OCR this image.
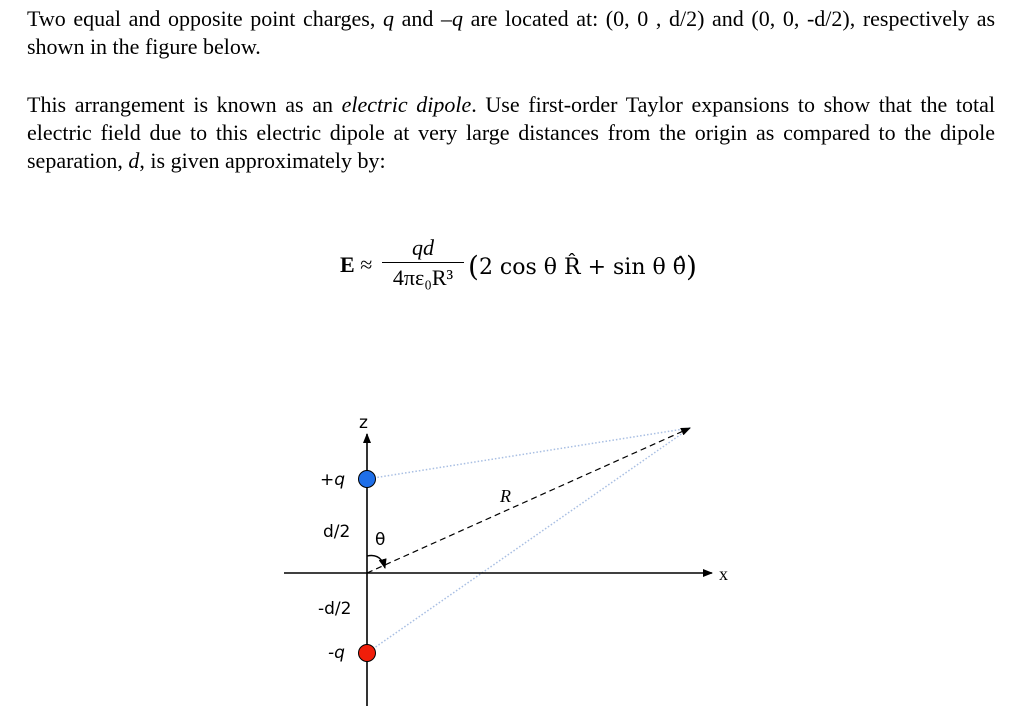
Two equal and opposite point charges, q and –q are located at: (0, 0 , d/2) and (0, 0, -d/2), respectively as shown in the figure below.

This arrangement is known as an electric dipole. Use first-order Taylor expansions to show that the total electric field due to this electric dipole at very large distances from the origin as compared to the dipole separation, d, is given approximately by:

E ≈
qd
4πε₀R³ (2 cos θ R̂ + sin θ θ̂)
z
x
+q
-q
d/2
-d/2
θ
R
